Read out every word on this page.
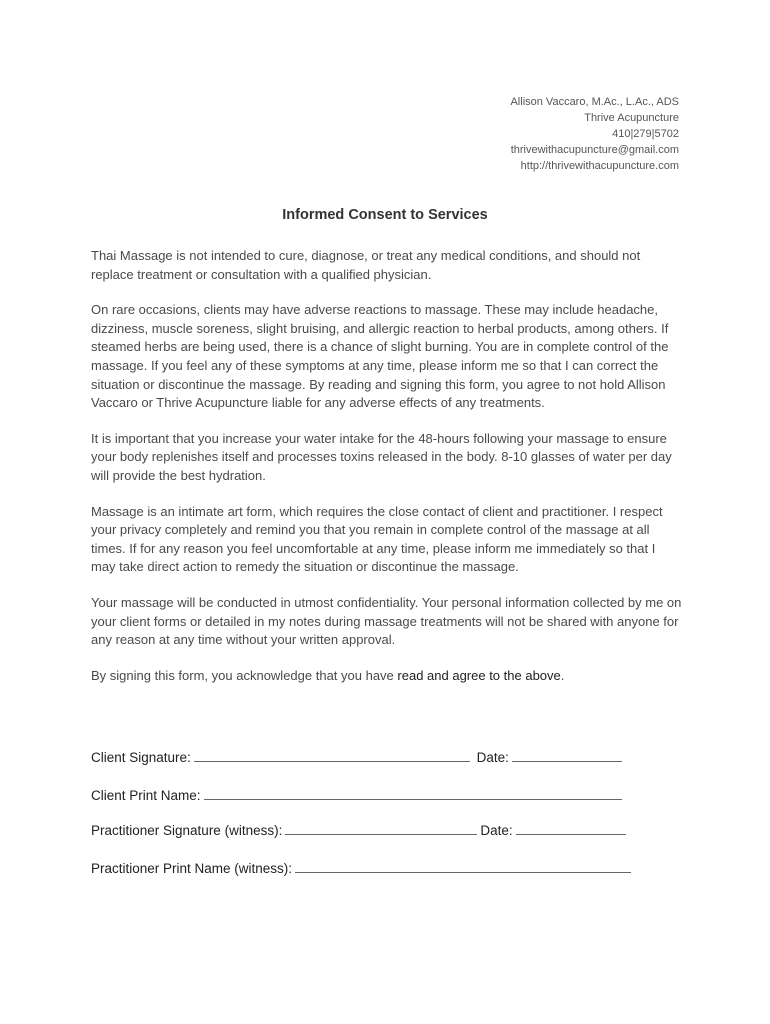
Allison Vaccaro, M.Ac., L.Ac., ADS
Thrive Acupuncture
410|279|5702
thrivewithacupuncture@gmail.com
http://thrivewithacupuncture.com
Informed Consent to Services

Thai Massage is not intended to cure, diagnose, or treat any medical conditions, and should not replace treatment or consultation with a qualified physician.

On rare occasions, clients may have adverse reactions to massage. These may include headache, dizziness, muscle soreness, slight bruising, and allergic reaction to herbal products, among others. If steamed herbs are being used, there is a chance of slight burning. You are in complete control of the massage. If you feel any of these symptoms at any time, please inform me so that I can correct the situation or discontinue the massage. By reading and signing this form, you agree to not hold Allison Vaccaro or Thrive Acupuncture liable for any adverse effects of any treatments.

It is important that you increase your water intake for the 48-hours following your massage to ensure your body replenishes itself and processes toxins released in the body. 8-10 glasses of water per day will provide the best hydration.

Massage is an intimate art form, which requires the close contact of client and practitioner. I respect your privacy completely and remind you that you remain in complete control of the massage at all times. If for any reason you feel uncomfortable at any time, please inform me immediately so that I may take direct action to remedy the situation or discontinue the massage.

Your massage will be conducted in utmost confidentiality. Your personal information collected by me on your client forms or detailed in my notes during massage treatments will not be shared with anyone for any reason at any time without your written approval.

By signing this form, you acknowledge that you have read and agree to the above.

Client Signature:	Date:
Client Print Name:
Practitioner Signature (witness):	Date:
Practitioner Print Name (witness):
